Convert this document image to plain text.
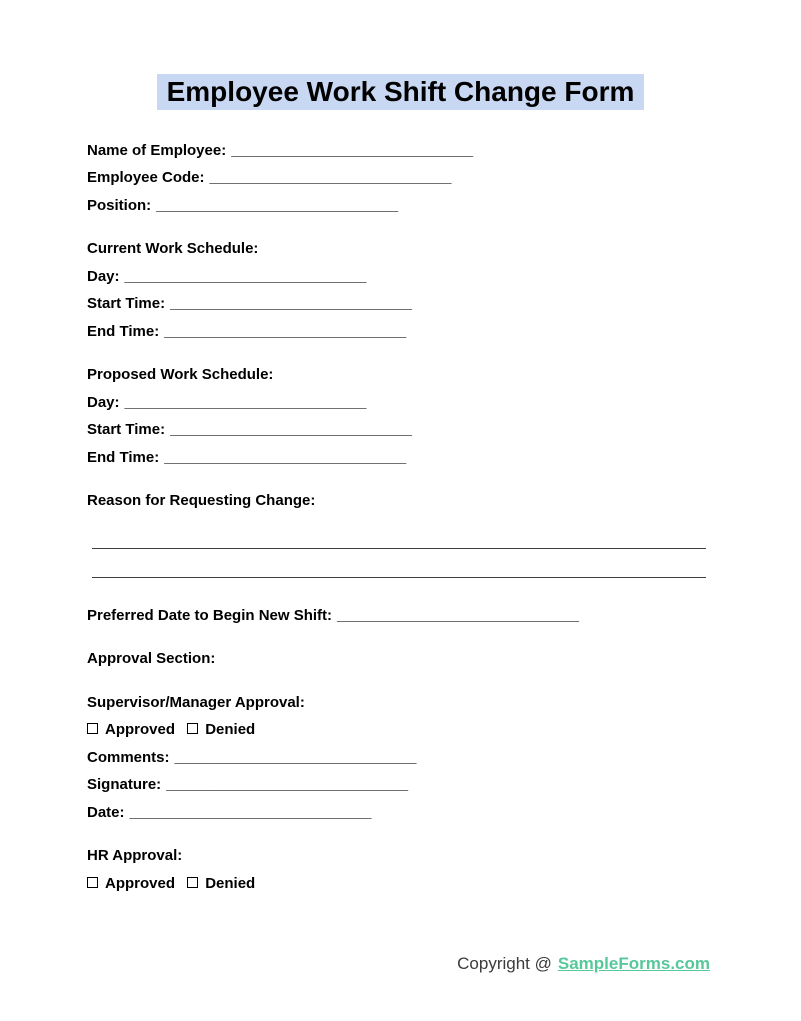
Employee Work Shift Change Form

Name of Employee: _____________________________

Employee Code: _____________________________

Position: _____________________________

Current Work Schedule:

Day: _____________________________

Start Time: _____________________________

End Time: _____________________________

Proposed Work Schedule:

Day: _____________________________

Start Time: _____________________________

End Time: _____________________________

Reason for Requesting Change:

Preferred Date to Begin New Shift: _____________________________

Approval Section:

Supervisor/Manager Approval:

Approved Denied

Comments: _____________________________

Signature: _____________________________

Date: _____________________________

HR Approval:

Approved Denied

Copyright @ SampleForms.com
